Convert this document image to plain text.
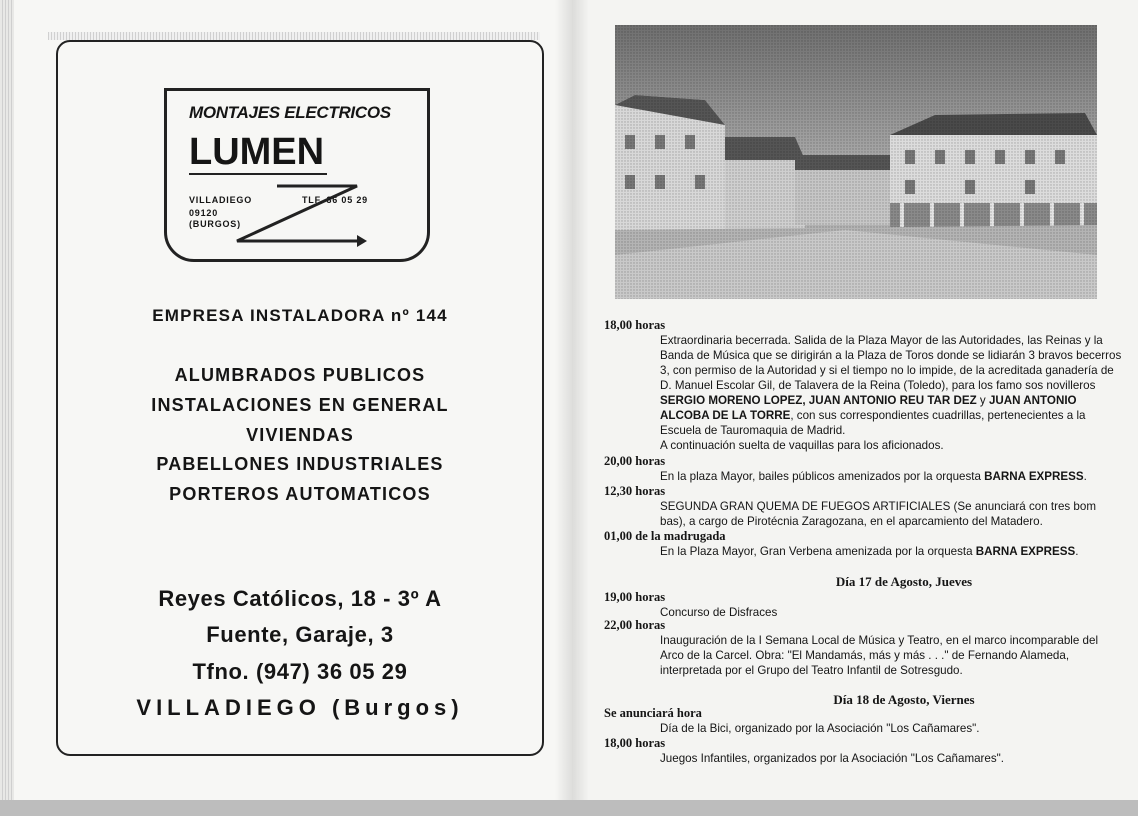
MONTAJES ELECTRICOS
LUMEN
VILLADIEGO
09120
(BURGOS)
TLF. 36 05 29
EMPRESA INSTALADORA nº 144
ALUMBRADOS PUBLICOS
INSTALACIONES EN GENERAL
VIVIENDAS
PABELLONES INDUSTRIALES
PORTEROS AUTOMATICOS
Reyes Católicos, 18 - 3º A
Fuente, Garaje, 3
Tfno. (947) 36 05 29
VILLADIEGO (Burgos)
18,00 horas
Extraordinaria becerrada. Salida de la Plaza Mayor de las Autoridades, las Reinas y la Banda de Música que se dirigirán a la Plaza de Toros donde se lidiarán 3 bravos becerros 3, con permiso de la Autoridad y si el tiempo no lo impide, de la acreditada ganadería de D. Manuel Escolar Gil, de Talavera de la Reina (Toledo), para los famo sos novilleros SERGIO MORENO LOPEZ, JUAN ANTONIO REU TAR DEZ y JUAN ANTONIO ALCOBA DE LA TORRE, con sus correspondientes cuadrillas, pertenecientes a la Escuela de Tauromaquia de Madrid.
A continuación suelta de vaquillas para los aficionados.
20,00 horas
En la plaza Mayor, bailes públicos amenizados por la orquesta BARNA EXPRESS.
12,30 horas
SEGUNDA GRAN QUEMA DE FUEGOS ARTIFICIALES (Se anunciará con tres bom bas), a cargo de Pirotécnia Zaragozana, en el aparcamiento del Matadero.
01,00 de la madrugada
En la Plaza Mayor, Gran Verbena amenizada por la orquesta BARNA EXPRESS.
Día 17 de Agosto, Jueves
19,00 horas
Concurso de Disfraces
22,00 horas
Inauguración de la I Semana Local de Música y Teatro, en el marco incomparable del Arco de la Carcel. Obra: "El Mandamás, más y más . . ." de Fernando Alameda, interpretada por el Grupo del Teatro Infantil de Sotresgudo.
Día 18 de Agosto, Viernes
Se anunciará hora
Día de la Bici, organizado por la Asociación "Los Cañamares".
18,00 horas
Juegos Infantiles, organizados por la Asociación "Los Cañamares".
